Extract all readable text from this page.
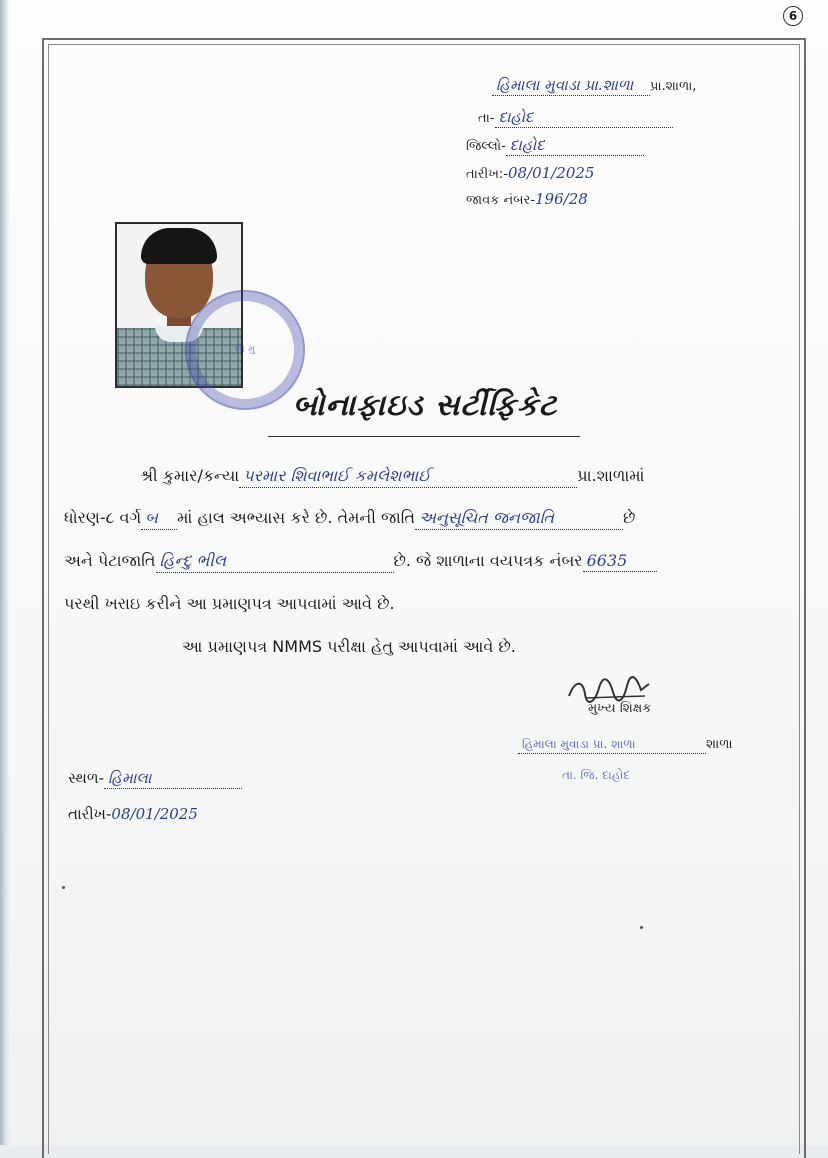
6
હિમાલા મુવાડા પ્રા.શાળા પ્રા.શાળા,
તા- દાહોદ
જિલ્લો- દાહોદ
તારીખ:-08/01/2025
જાવક નંબર-196/28
લા મુ
બોનાફાઇડ સર્ટીફિકેટ
શ્રી કુમાર/કન્યા પરમાર શિવાભાઈ કમલેશભાઈ	પ્રા.શાળામાં
ધોરણ-૮ વર્ગ બ માં હાલ અભ્યાસ કરે છે. તેમની જાતિ અનુસૂચિત જનજાતિ	છે
અને પેટાજાતિ હિન્દુ ભીલ	છે. જે શાળાના વયપત્રક નંબર 6635
પરથી ખરાઇ કરીને આ પ્રમાણપત્ર આપવામાં આવે છે.
આ પ્રમાણપત્ર NMMS પરીક્ષા હેતુ આપવામાં આવે છે.
મુખ્ય શિક્ષક
હિમાલા મુવાડા પ્રા. શાળા	શાળા
તા. જિ. દાહોદ
સ્થળ- હિમાલા
તારીખ-08/01/2025
